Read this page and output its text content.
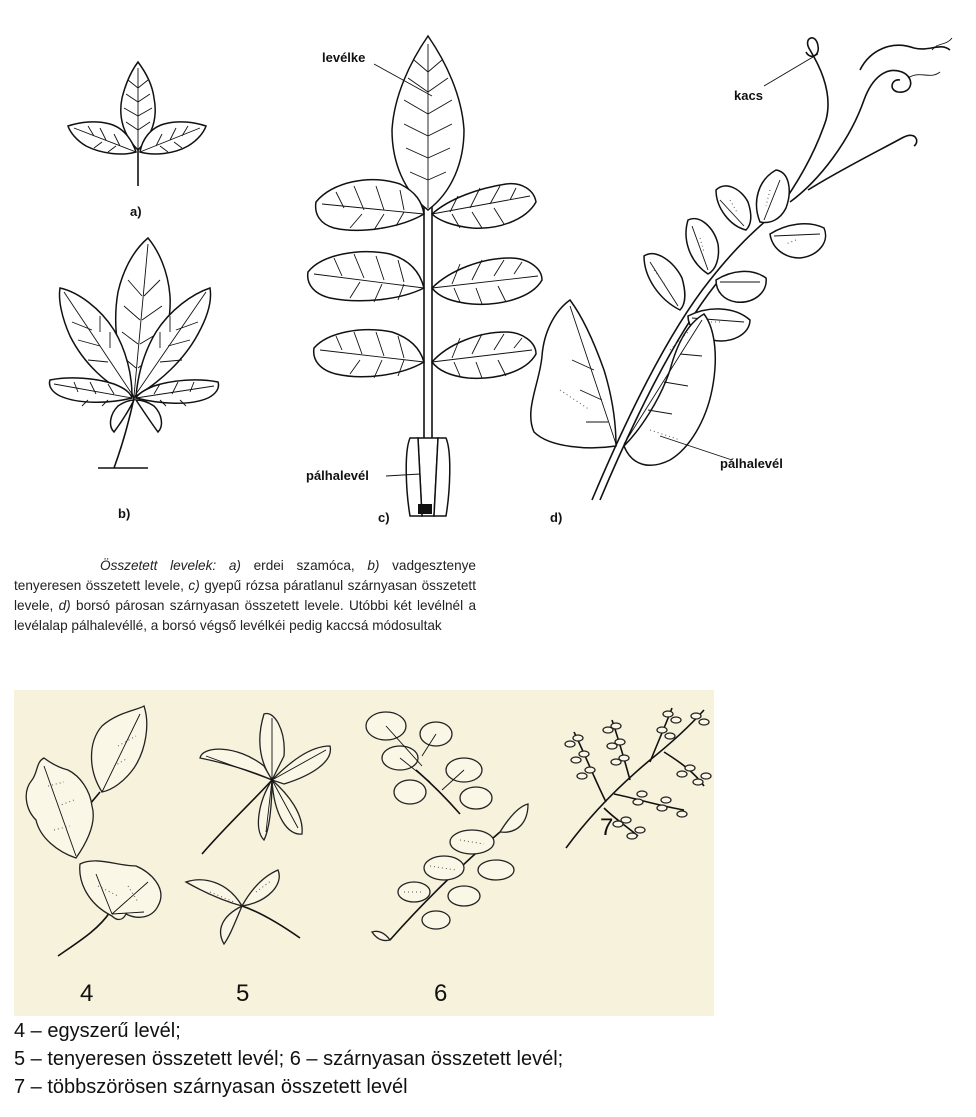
a)
b)
levélke
pálhalevél
c)
kacs
pálhalevél
d)
Összetett levelek: a) erdei szamóca, b) vadgesztenye tenyeresen összetett levele, c) gyepű rózsa páratlanul szárnyasan összetett levele, d) borsó párosan szárnyasan összetett levele. Utóbbi két levélnél a levélalap pálhalevéllé, a borsó végső levélkéi pedig kaccsá módosultak
4	5	6
7
4 – egyszerű levél;
5 – tenyeresen összetett levél; 6 – szárnyasan összetett levél;
7 – többszörösen szárnyasan összetett levél
